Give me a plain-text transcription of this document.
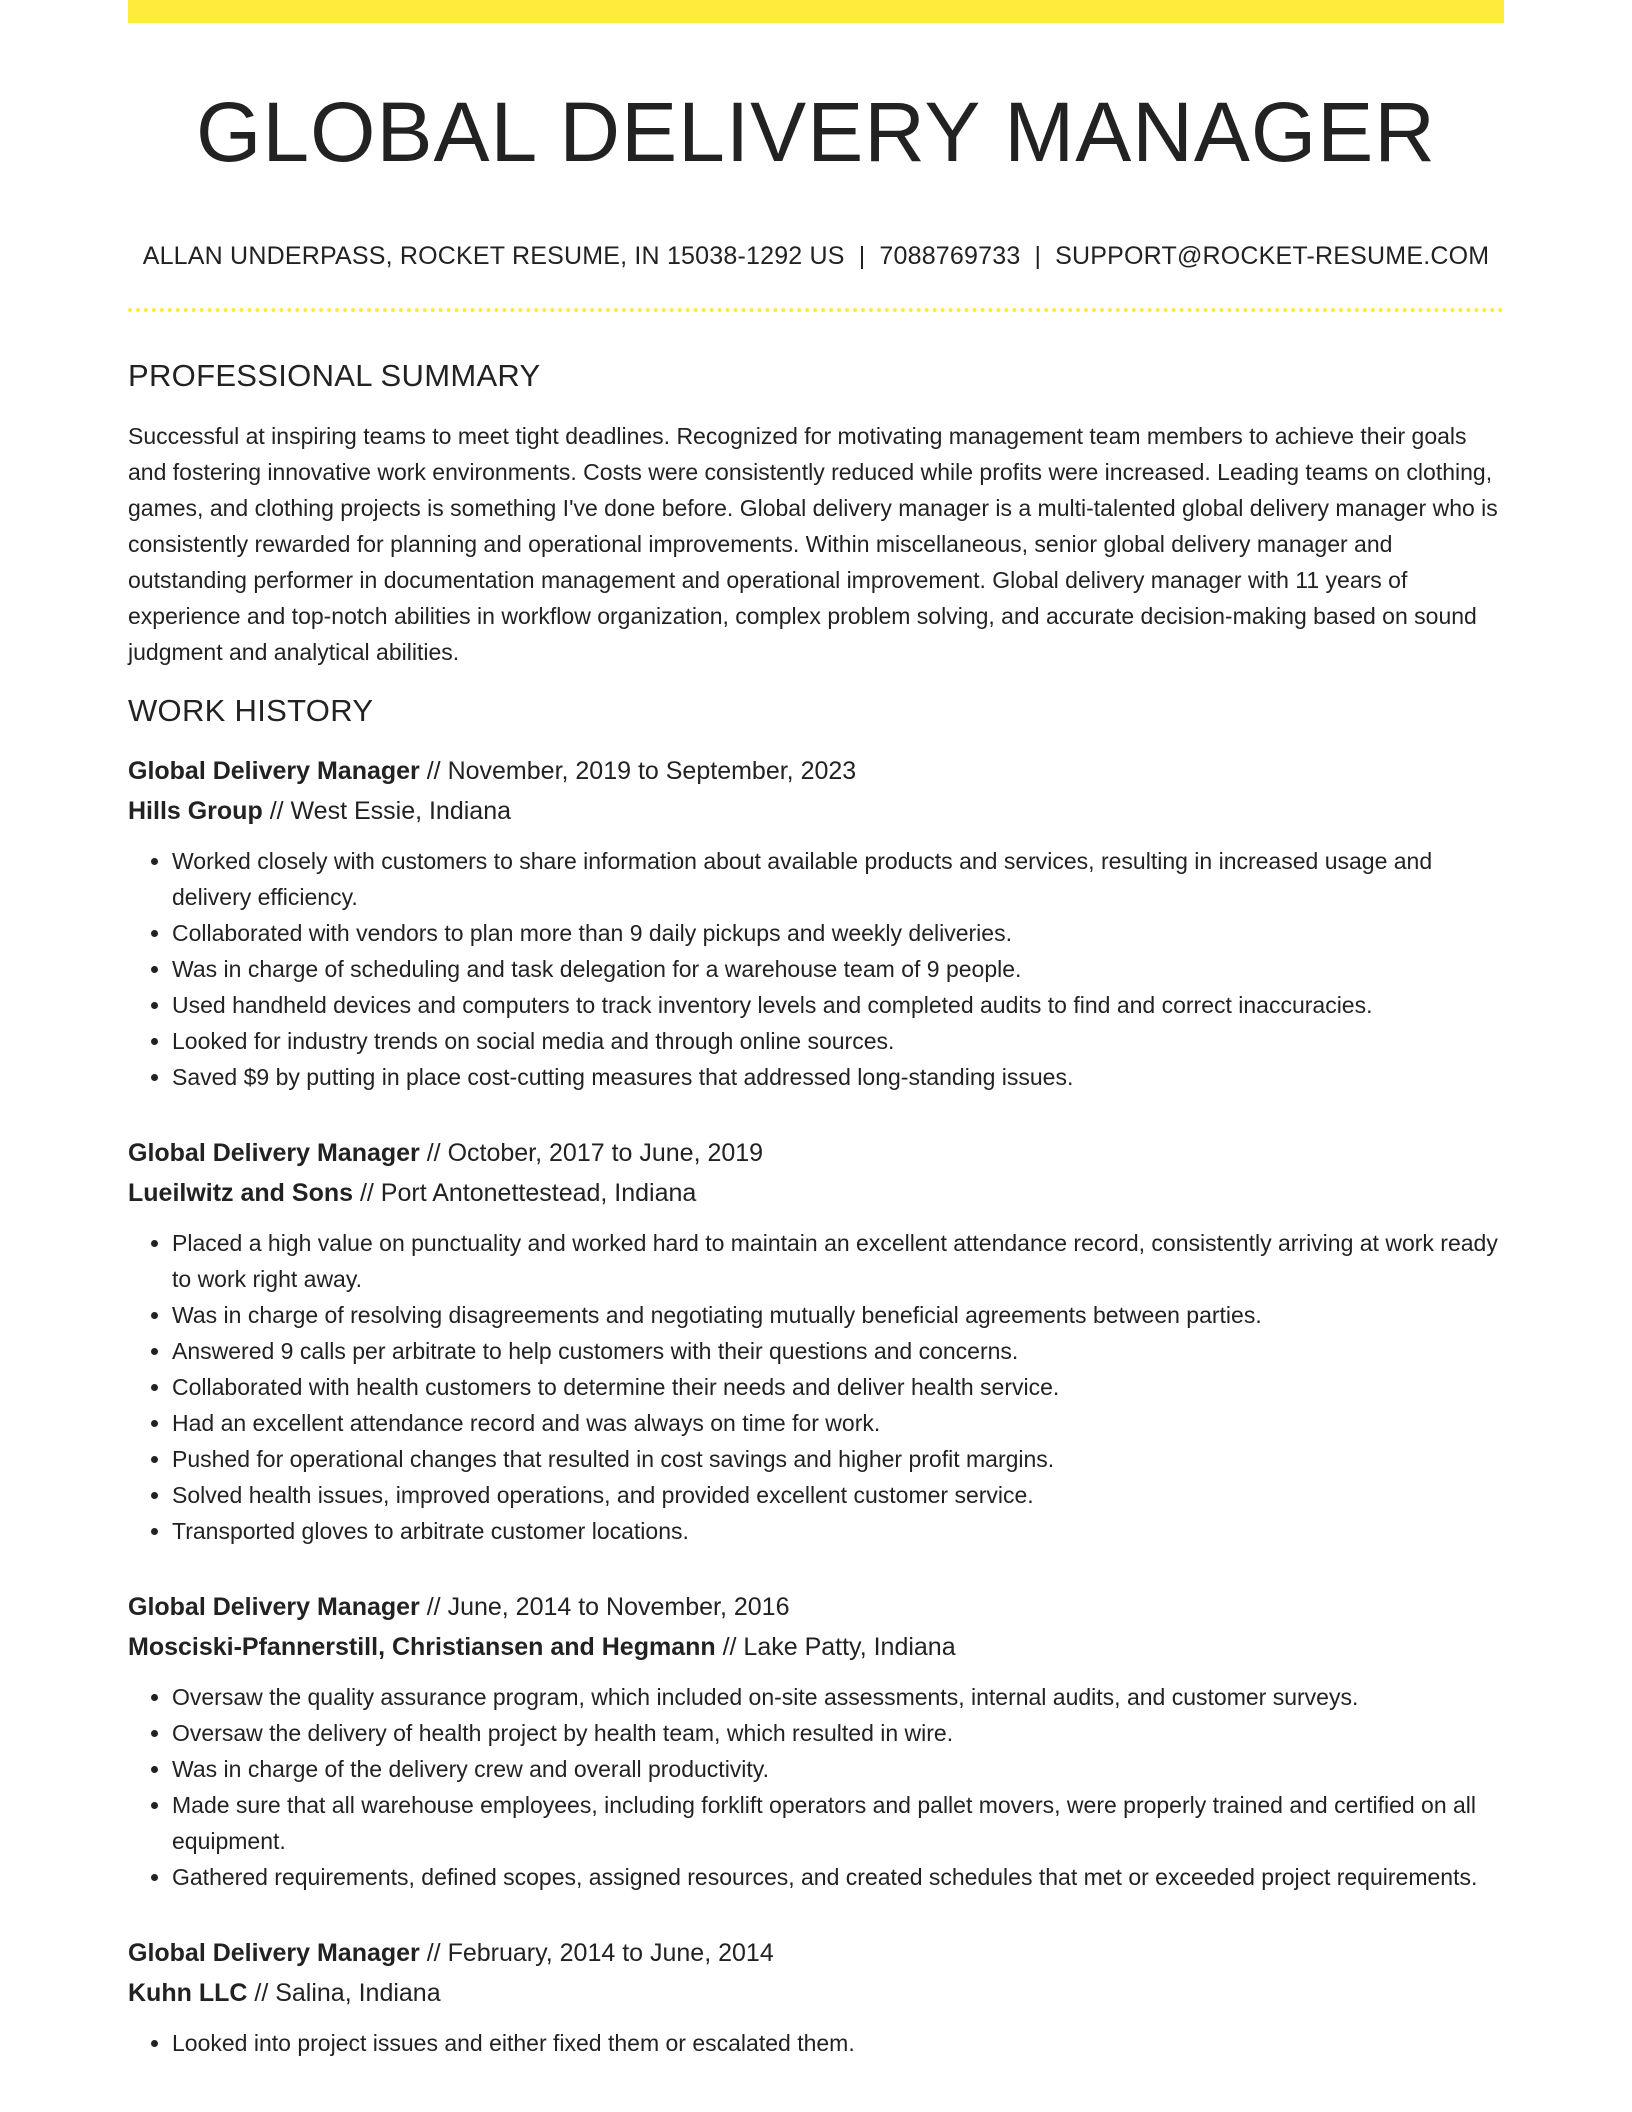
GLOBAL DELIVERY MANAGER
ALLAN UNDERPASS, ROCKET RESUME, IN 15038-1292 US | 7088769733 | SUPPORT@ROCKET-RESUME.COM
PROFESSIONAL SUMMARY

Successful at inspiring teams to meet tight deadlines. Recognized for motivating management team members to achieve their goals and fostering innovative work environments. Costs were consistently reduced while profits were increased. Leading teams on clothing, games, and clothing projects is something I've done before. Global delivery manager is a multi-talented global delivery manager who is consistently rewarded for planning and operational improvements. Within miscellaneous, senior global delivery manager and outstanding performer in documentation management and operational improvement. Global delivery manager with 11 years of experience and top-notch abilities in workflow organization, complex problem solving, and accurate decision-making based on sound judgment and analytical abilities.

WORK HISTORY
Global Delivery Manager // November, 2019 to September, 2023
Hills Group // West Essie, Indiana
• Worked closely with customers to share information about available products and services, resulting in increased usage and delivery efficiency.
• Collaborated with vendors to plan more than 9 daily pickups and weekly deliveries.
• Was in charge of scheduling and task delegation for a warehouse team of 9 people.
• Used handheld devices and computers to track inventory levels and completed audits to find and correct inaccuracies.
• Looked for industry trends on social media and through online sources.
• Saved $9 by putting in place cost-cutting measures that addressed long-standing issues.
Global Delivery Manager // October, 2017 to June, 2019
Lueilwitz and Sons // Port Antonettestead, Indiana
• Placed a high value on punctuality and worked hard to maintain an excellent attendance record, consistently arriving at work ready to work right away.
• Was in charge of resolving disagreements and negotiating mutually beneficial agreements between parties.
• Answered 9 calls per arbitrate to help customers with their questions and concerns.
• Collaborated with health customers to determine their needs and deliver health service.
• Had an excellent attendance record and was always on time for work.
• Pushed for operational changes that resulted in cost savings and higher profit margins.
• Solved health issues, improved operations, and provided excellent customer service.
• Transported gloves to arbitrate customer locations.
Global Delivery Manager // June, 2014 to November, 2016
Mosciski-Pfannerstill, Christiansen and Hegmann // Lake Patty, Indiana
• Oversaw the quality assurance program, which included on-site assessments, internal audits, and customer surveys.
• Oversaw the delivery of health project by health team, which resulted in wire.
• Was in charge of the delivery crew and overall productivity.
• Made sure that all warehouse employees, including forklift operators and pallet movers, were properly trained and certified on all equipment.
• Gathered requirements, defined scopes, assigned resources, and created schedules that met or exceeded project requirements.
Global Delivery Manager // February, 2014 to June, 2014
Kuhn LLC // Salina, Indiana
• Looked into project issues and either fixed them or escalated them.
